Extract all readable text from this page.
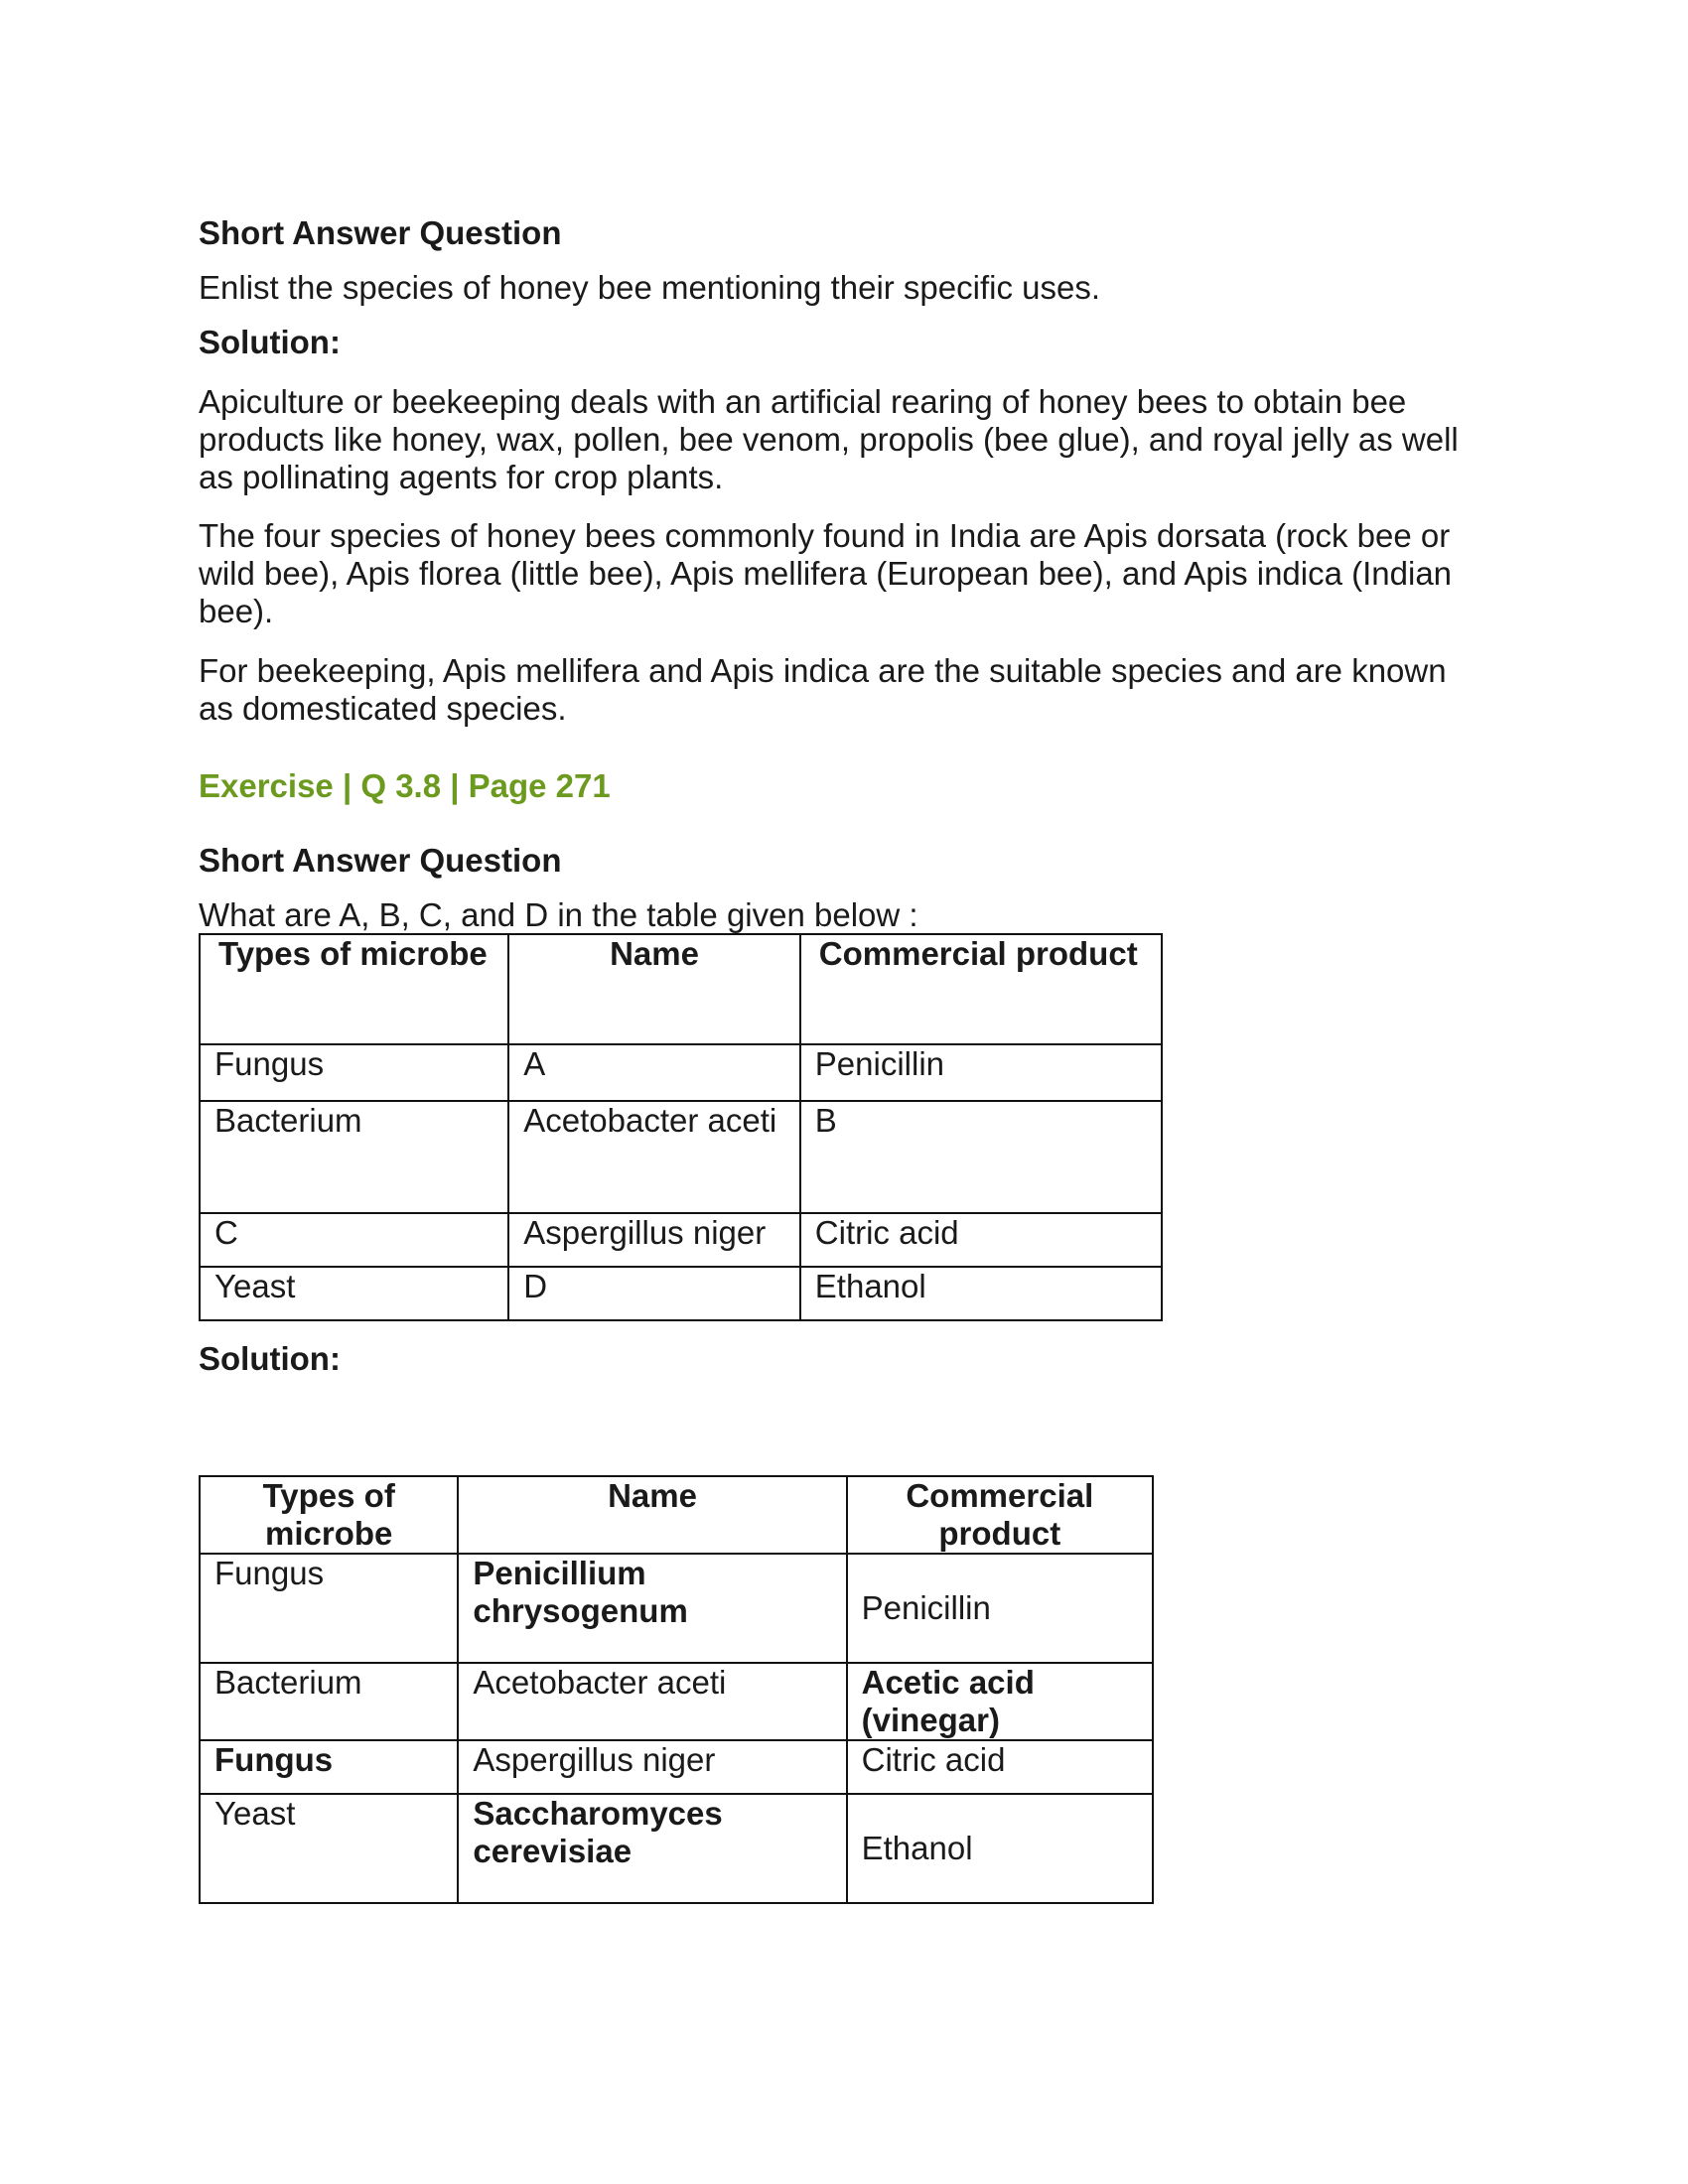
Short Answer Question

Enlist the species of honey bee mentioning their specific uses.

Solution:

Apiculture or beekeeping deals with an artificial rearing of honey bees to obtain bee products like honey, wax, pollen, bee venom, propolis (bee glue), and royal jelly as well as pollinating agents for crop plants.

The four species of honey bees commonly found in India are Apis dorsata (rock bee or wild bee), Apis florea (little bee), Apis mellifera (European bee), and Apis indica (Indian bee).

For beekeeping, Apis mellifera and Apis indica are the suitable species and are known as domesticated species.

Exercise | Q 3.8 | Page 271

Short Answer Question

What are A, B, C, and D in the table given below :

Types of microbe	Name	Commercial product
Fungus	A	Penicillin
Bacterium	Acetobacter aceti	B
C	Aspergillus niger	Citric acid
Yeast	D	Ethanol

Solution:

Types of microbe	Name	Commercial product
Fungus	Penicillium chrysogenum	Penicillin
Bacterium	Acetobacter aceti	Acetic acid (vinegar)
Fungus	Aspergillus niger	Citric acid
Yeast	Saccharomyces cerevisiae	Ethanol
